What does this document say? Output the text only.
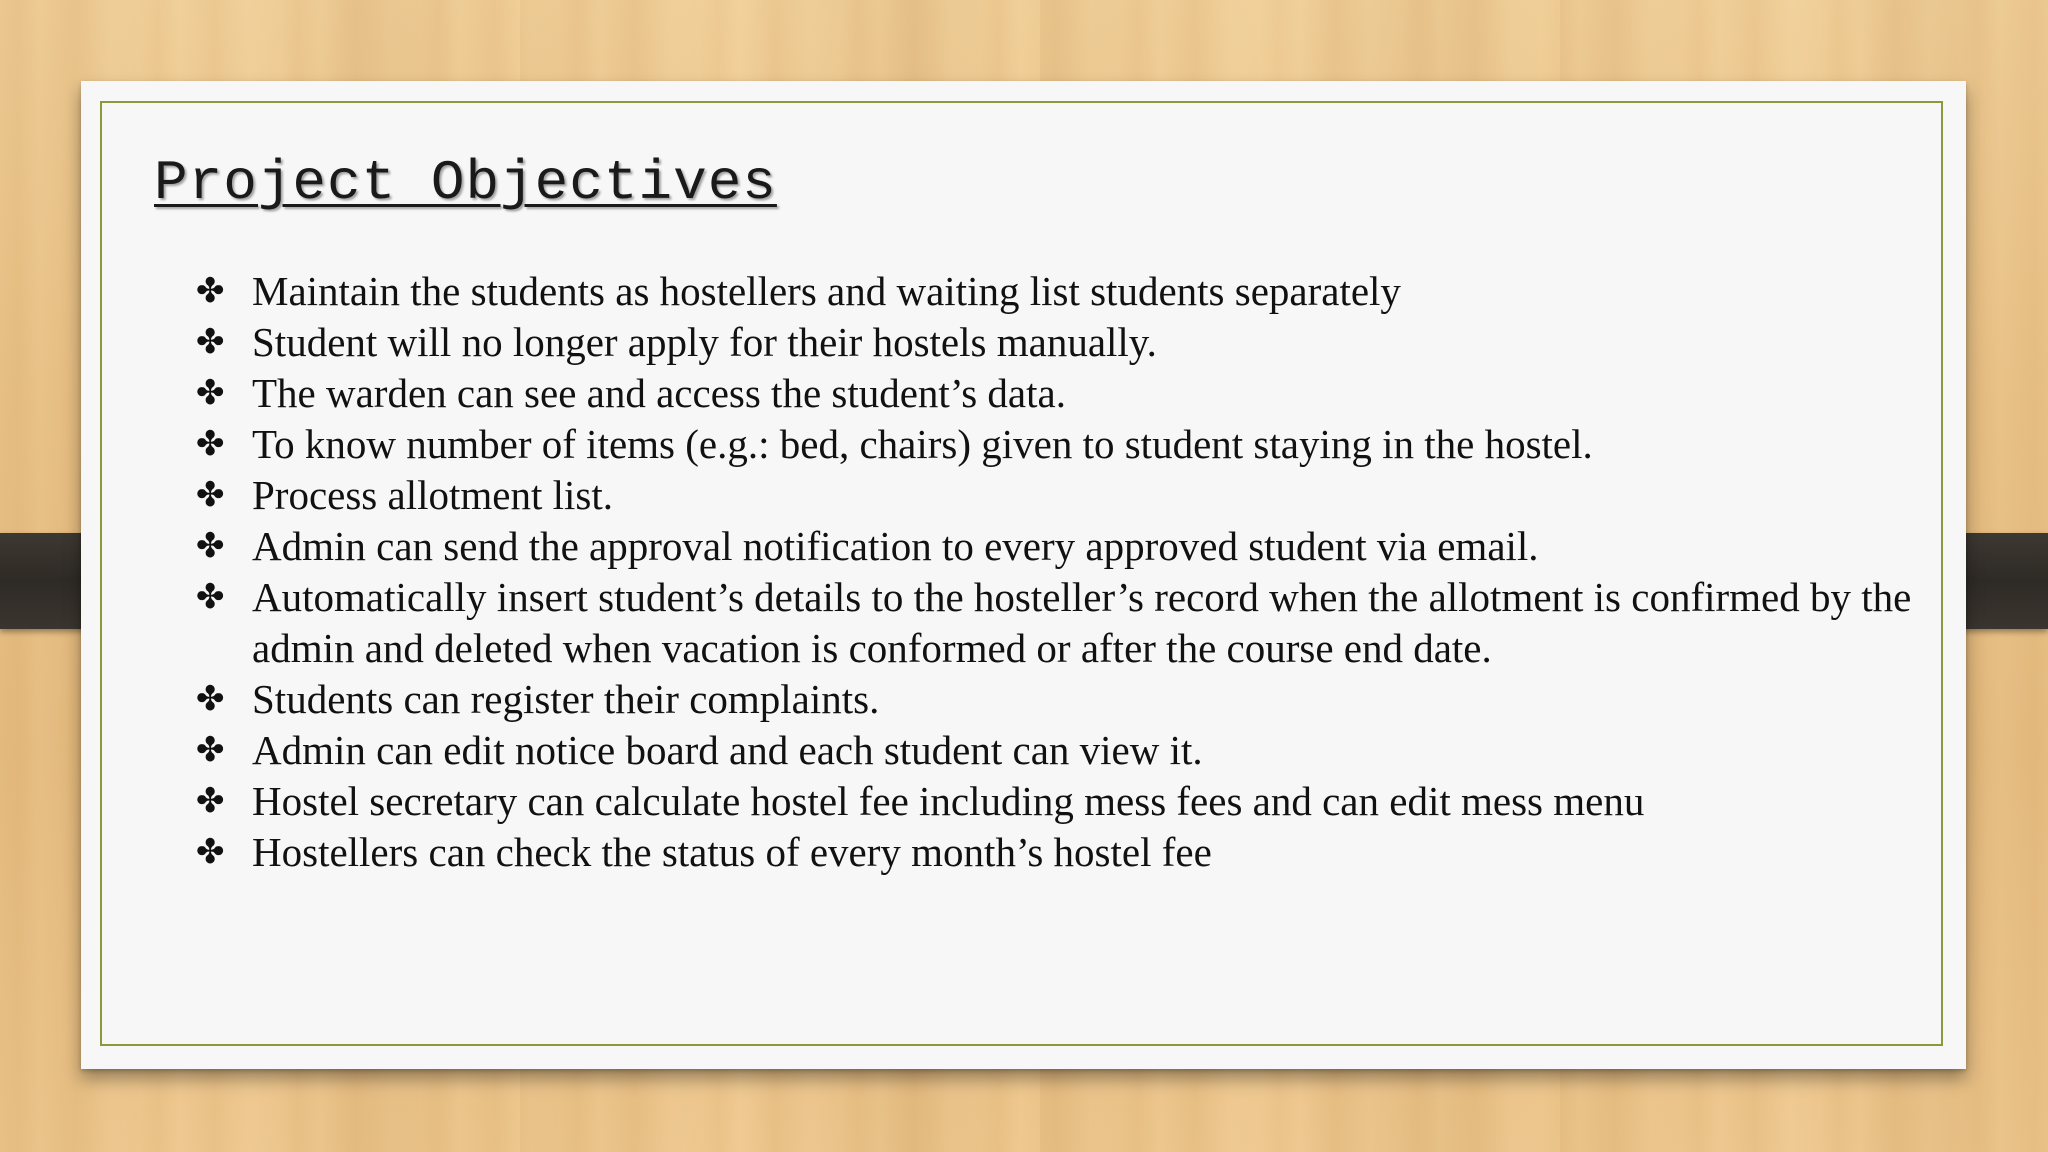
Project Objectives
✤ Maintain the students as hostellers and waiting list students separately
✤ Student will no longer apply for their hostels manually.
✤ The warden can see and access the student’s data.
✤ To know number of items (e.g.: bed, chairs) given to student staying in the hostel.
✤ Process allotment list.
✤ Admin can send the approval notification to every approved student via email.
✤ Automatically insert student’s details to the hosteller’s record when the allotment is confirmed by the admin and deleted when vacation is conformed or after the course end date.
✤ Students can register their complaints.
✤ Admin can edit notice board and each student can view it.
✤ Hostel secretary can calculate hostel fee including mess fees and can edit mess menu
✤ Hostellers can check the status of every month’s hostel fee
